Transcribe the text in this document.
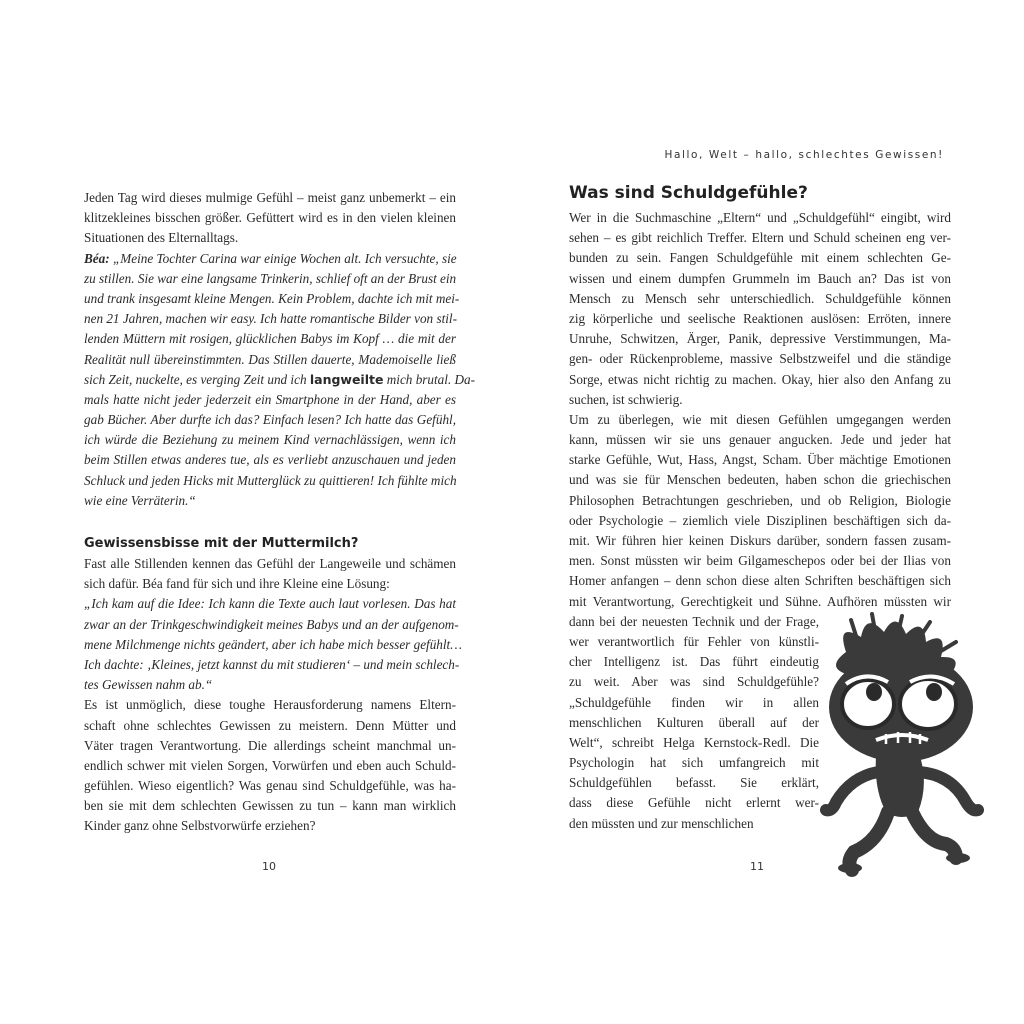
Jeden Tag wird dieses mulmige Gefühl – meist ganz unbemerkt – ein
klitzekleines bisschen größer. Gefüttert wird es in den vielen kleinen
Situationen des Elternalltags.
Béa: „Meine Tochter Carina war einige Wochen alt. Ich versuchte, sie
zu stillen. Sie war eine langsame Trinkerin, schlief oft an der Brust ein
und trank insgesamt kleine Mengen. Kein Problem, dachte ich mit mei-
nen 21 Jahren, machen wir easy. Ich hatte romantische Bilder von stil-
lenden Müttern mit rosigen, glücklichen Babys im Kopf … die mit der
Realität null übereinstimmten. Das Stillen dauerte, Mademoiselle ließ
sich Zeit, nuckelte, es verging Zeit und ich langweilte mich brutal. Da-
mals hatte nicht jeder jederzeit ein Smartphone in der Hand, aber es
gab Bücher. Aber durfte ich das? Einfach lesen? Ich hatte das Gefühl,
ich würde die Beziehung zu meinem Kind vernachlässigen, wenn ich
beim Stillen etwas anderes tue, als es verliebt anzuschauen und jeden
Schluck und jeden Hicks mit Mutterglück zu quittieren! Ich fühlte mich
wie eine Verräterin.“
Gewissensbisse mit der Muttermilch?
Fast alle Stillenden kennen das Gefühl der Langeweile und schämen
sich dafür. Béa fand für sich und ihre Kleine eine Lösung:
„Ich kam auf die Idee: Ich kann die Texte auch laut vorlesen. Das hat
zwar an der Trinkgeschwindigkeit meines Babys und an der aufgenom-
mene Milchmenge nichts geändert, aber ich habe mich besser gefühlt…
Ich dachte: ‚Kleines, jetzt kannst du mit studieren‘ – und mein schlech-
tes Gewissen nahm ab.“
Es ist unmöglich, diese toughe Herausforderung namens Eltern-
schaft ohne schlechtes Gewissen zu meistern. Denn Mütter und
Väter tragen Verantwortung. Die allerdings scheint manchmal un-
endlich schwer mit vielen Sorgen, Vorwürfen und eben auch Schuld-
gefühlen. Wieso eigentlich? Was genau sind Schuldgefühle, was ha-
ben sie mit dem schlechten Gewissen zu tun – kann man wirklich
Kinder ganz ohne Selbstvorwürfe erziehen?
10
Hallo, Welt – hallo, schlechtes Gewissen!
Was sind Schuldgefühle?
Wer in die Suchmaschine „Eltern“ und „Schuldgefühl“ eingibt, wird
sehen – es gibt reichlich Treffer. Eltern und Schuld scheinen eng ver-
bunden zu sein. Fangen Schuldgefühle mit einem schlechten Ge-
wissen und einem dumpfen Grummeln im Bauch an? Das ist von
Mensch zu Mensch sehr unterschiedlich. Schuldgefühle können
zig körperliche und seelische Reaktionen auslösen: Erröten, innere
Unruhe, Schwitzen, Ärger, Panik, depressive Verstimmungen, Ma-
gen- oder Rückenprobleme, massive Selbstzweifel und die ständige
Sorge, etwas nicht richtig zu machen. Okay, hier also den Anfang zu
suchen, ist schwierig.
Um zu überlegen, wie mit diesen Gefühlen umgegangen werden
kann, müssen wir sie uns genauer angucken. Jede und jeder hat
starke Gefühle, Wut, Hass, Angst, Scham. Über mächtige Emotionen
und was sie für Menschen bedeuten, haben schon die griechischen
Philosophen Betrachtungen geschrieben, und ob Religion, Biologie
oder Psychologie – ziemlich viele Disziplinen beschäftigen sich da-
mit. Wir führen hier keinen Diskurs darüber, sondern fassen zusam-
men. Sonst müssten wir beim Gilgameschepos oder bei der Ilias von
Homer anfangen – denn schon diese alten Schriften beschäftigen sich
mit Verantwortung, Gerechtigkeit und Sühne. Aufhören müssten wir
dann bei der neuesten Technik und der Frage,
wer verantwortlich für Fehler von künstli-
cher Intelligenz ist. Das führt eindeutig
zu weit. Aber was sind Schuldgefühle?
„Schuldgefühle finden wir in allen
menschlichen Kulturen überall auf der
Welt“, schreibt Helga Kernstock-Redl. Die
Psychologin hat sich umfangreich mit
Schuldgefühlen befasst. Sie erklärt,
dass diese Gefühle nicht erlernt wer-
den müssten und zur menschlichen
11
